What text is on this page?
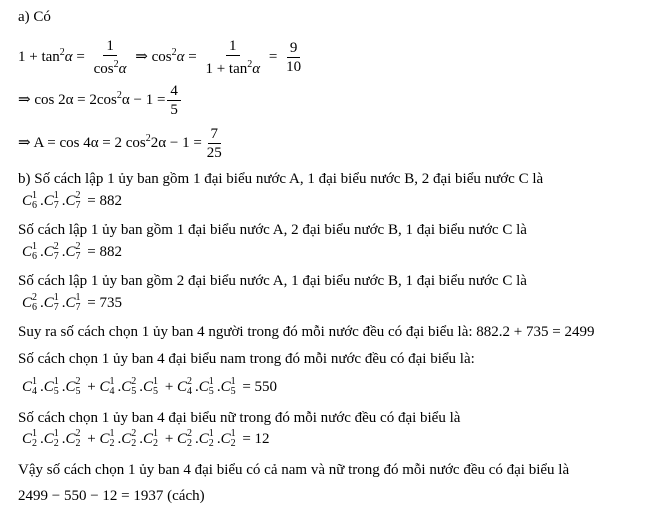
a) Có
$1 + \tan^2\alpha = \frac{1}{\cos^2\alpha}$ ⇒ $\cos^2\alpha = \frac{1}{1 + \tan^2\alpha} = \frac{9}{10}$
⇒ $\cos 2\alpha = 2\cos^2\alpha - 1 = \frac{4}{5}$
⇒ A = cos 4α = 2 $\cos^22\alpha - 1 = \frac{7}{25}$
b) Số cách lập 1 ủy ban gồm 1 đại biểu nước A, 1 đại biểu nước B, 2 đại biểu nước C là
C 1
6 .C 1
7 .C 2
7 = 882
Số cách lập 1 ủy ban gồm 1 đại biểu nước A, 2 đại biểu nước B, 1 đại biểu nước C là
C 1
6 .C 2
7 .C 2
7 = 882
Số cách lập 1 ủy ban gồm 2 đại biểu nước A, 1 đại biểu nước B, 1 đại biểu nước C là
C 2
6 .C 1
7 .C 1
7 = 735
Suy ra số cách chọn 1 ủy ban 4 người trong đó mỗi nước đều có đại biểu là: 882.2 + 735 = 2499
Số cách chọn 1 ủy ban 4 đại biểu nam trong đó mỗi nước đều có đại biểu là:
C 1
4 .C 1
5 .C 2
5 + C 1
4 .C 2
5 .C 1
5 + C 2
4 .C 1
5 .C 1
5 = 550
Số cách chọn 1 ủy ban 4 đại biểu nữ trong đó mỗi nước đều có đại biểu là
C 1
2 .C 1
2 .C 2
2 + C 1
2 .C 2
2 .C 1
2 + C 2
2 .C 1
2 .C 1
2 = 12
Vậy số cách chọn 1 ủy ban 4 đại biểu có cả nam và nữ trong đó mỗi nước đều có đại biểu là
2499 − 550 − 12 = 1937 (cách)
